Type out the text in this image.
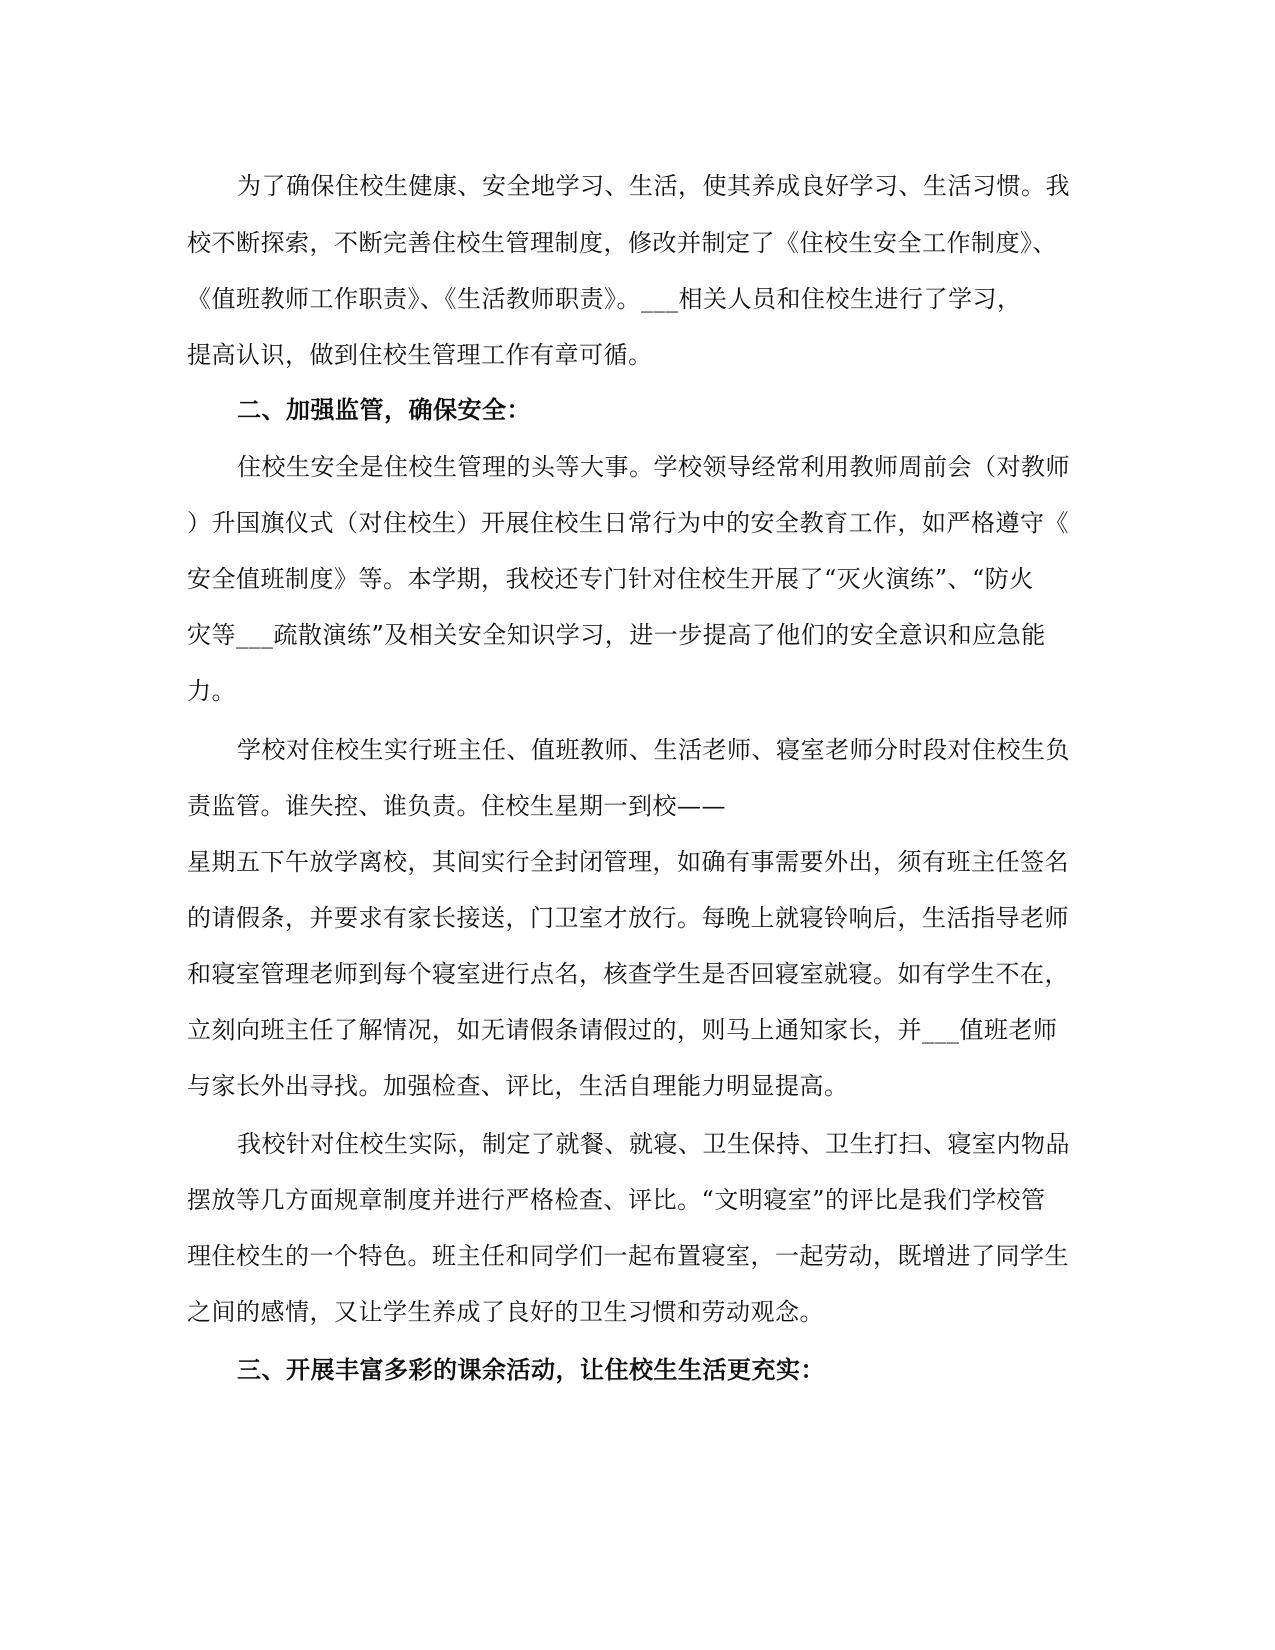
为了确保住校生健康、安全地学习、生活，使其养成良好学习、生活习惯。我
校不断探索，不断完善住校生管理制度，修改并制定了《住校生安全工作制度》、
《值班教师工作职责》、《生活教师职责》。___相关人员和住校生进行了学习，
提高认识，做到住校生管理工作有章可循。
二、加强监管，确保安全：
住校生安全是住校生管理的头等大事。学校领导经常利用教师周前会（对教师
）升国旗仪式（对住校生）开展住校生日常行为中的安全教育工作，如严格遵守《
安全值班制度》等。本学期，我校还专门针对住校生开展了“灭火演练”、“防火
灾等___疏散演练”及相关安全知识学习，进一步提高了他们的安全意识和应急能
力。
学校对住校生实行班主任、值班教师、生活老师、寝室老师分时段对住校生负
责监管。谁失控、谁负责。住校生星期一到校——
星期五下午放学离校，其间实行全封闭管理，如确有事需要外出，须有班主任签名
的请假条，并要求有家长接送，门卫室才放行。每晚上就寝铃响后，生活指导老师
和寝室管理老师到每个寝室进行点名，核查学生是否回寝室就寝。如有学生不在，
立刻向班主任了解情况，如无请假条请假过的，则马上通知家长，并___值班老师
与家长外出寻找。加强检查、评比，生活自理能力明显提高。
我校针对住校生实际，制定了就餐、就寝、卫生保持、卫生打扫、寝室内物品
摆放等几方面规章制度并进行严格检查、评比。“文明寝室”的评比是我们学校管
理住校生的一个特色。班主任和同学们一起布置寝室，一起劳动，既增进了同学生
之间的感情，又让学生养成了良好的卫生习惯和劳动观念。
三、开展丰富多彩的课余活动，让住校生生活更充实：
